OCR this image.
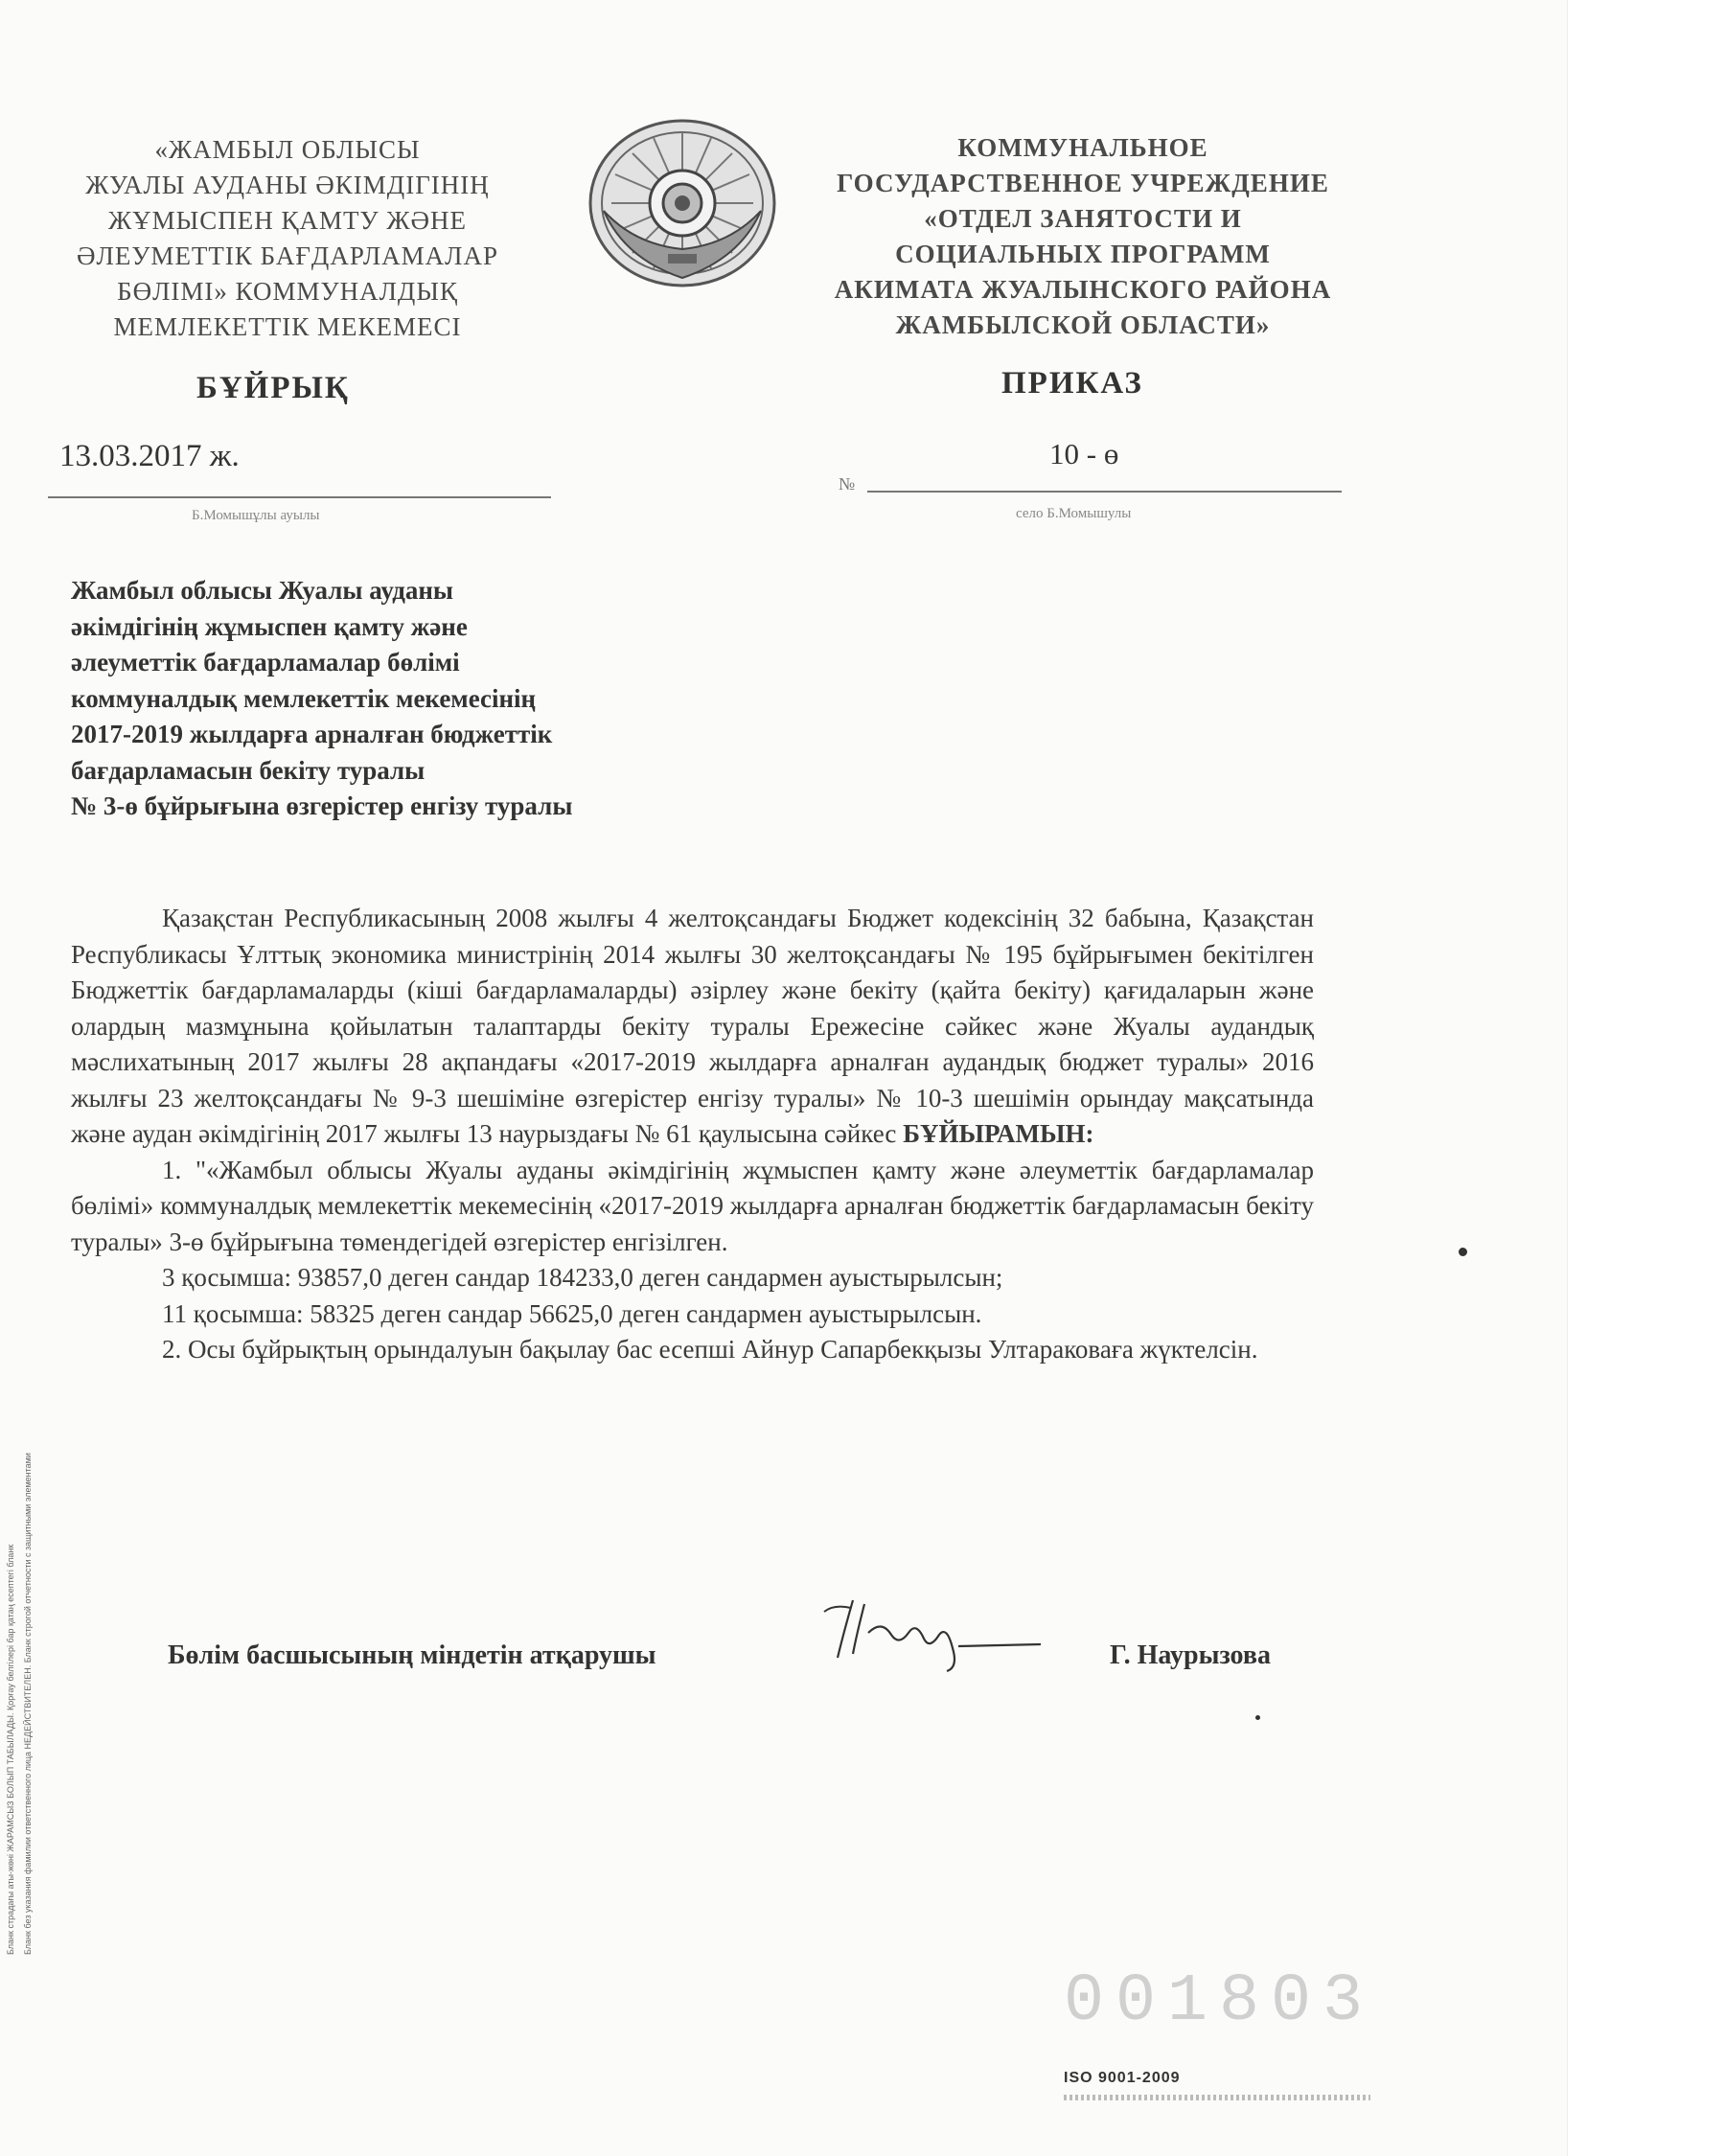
Бланк страдағы аты-жөні ЖАРАМСЫЗ БОЛЫП ТАБЫЛАДЫ. Қорғау белгілері бар қатаң есептегі бланк Бланк без указания фамилии ответственного лица НЕДЕЙСТВИТЕЛЕН. Бланк строгой отчетности с защитными элементами
«ЖАМБЫЛ ОБЛЫСЫ
ЖУАЛЫ АУДАНЫ ӘКІМДІГІНІҢ
ЖҰМЫСПЕН ҚАМТУ ЖӘНЕ
ӘЛЕУМЕТТІК БАҒДАРЛАМАЛАР
БӨЛІМІ» КОММУНАЛДЫҚ
МЕМЛЕКЕТТІК МЕКЕМЕСІ
КОММУНАЛЬНОЕ
ГОСУДАРСТВЕННОЕ УЧРЕЖДЕНИЕ
«ОТДЕЛ ЗАНЯТОСТИ И
СОЦИАЛЬНЫХ ПРОГРАММ
АКИМАТА ЖУАЛЫНСКОГО РАЙОНА
ЖАМБЫЛСКОЙ ОБЛАСТИ»
БҰЙРЫҚ	ПРИКАЗ
13.03.2017 ж.
Б.Момышұлы ауылы
№
10 - ө
село Б.Момышулы
Жамбыл облысы Жуалы ауданы
әкімдігінің жұмыспен қамту және
әлеуметтік бағдарламалар бөлімі
коммуналдық мемлекеттік мекемесінің
2017-2019 жылдарға арналған бюджеттік
бағдарламасын бекіту туралы
№ 3-ө бұйрығына өзгерістер енгізу туралы

Қазақстан Республикасының 2008 жылғы 4 желтоқсандағы Бюджет кодексінің 32 бабына, Қазақстан Республикасы Ұлттық экономика министрінің 2014 жылғы 30 желтоқсандағы № 195 бұйрығымен бекітілген Бюджеттік бағдарламаларды (кіші бағдарламаларды) әзірлеу және бекіту (қайта бекіту) қағидаларын және олардың мазмұнына қойылатын талаптарды бекіту туралы Ережесіне сәйкес және Жуалы аудандық мәслихатының 2017 жылғы 28 ақпандағы «2017-2019 жылдарға арналған аудандық бюджет туралы» 2016 жылғы 23 желтоқсандағы № 9-3 шешіміне өзгерістер енгізу туралы» № 10-3 шешімін орындау мақсатында және аудан әкімдігінің 2017 жылғы 13 наурыздағы № 61 қаулысына сәйкес БҰЙЫРАМЫН:

1. "«Жамбыл облысы Жуалы ауданы әкімдігінің жұмыспен қамту және әлеуметтік бағдарламалар бөлімі» коммуналдық мемлекеттік мекемесінің «2017-2019 жылдарға арналған бюджеттік бағдарламасын бекіту туралы» 3-ө бұйрығына төмендегідей өзгерістер енгізілген.

3 қосымша: 93857,0 деген сандар 184233,0 деген сандармен ауыстырылсын;

11 қосымша: 58325 деген сандар 56625,0 деген сандармен ауыстырылсын.

2. Осы бұйрықтың орындалуын бақылау бас есепші Айнур Сапарбекқызы Ултараковаға жүктелсін.

Бөлім басшысының міндетін атқарушы	Г. Наурызова
001803
ISO 9001-2009
